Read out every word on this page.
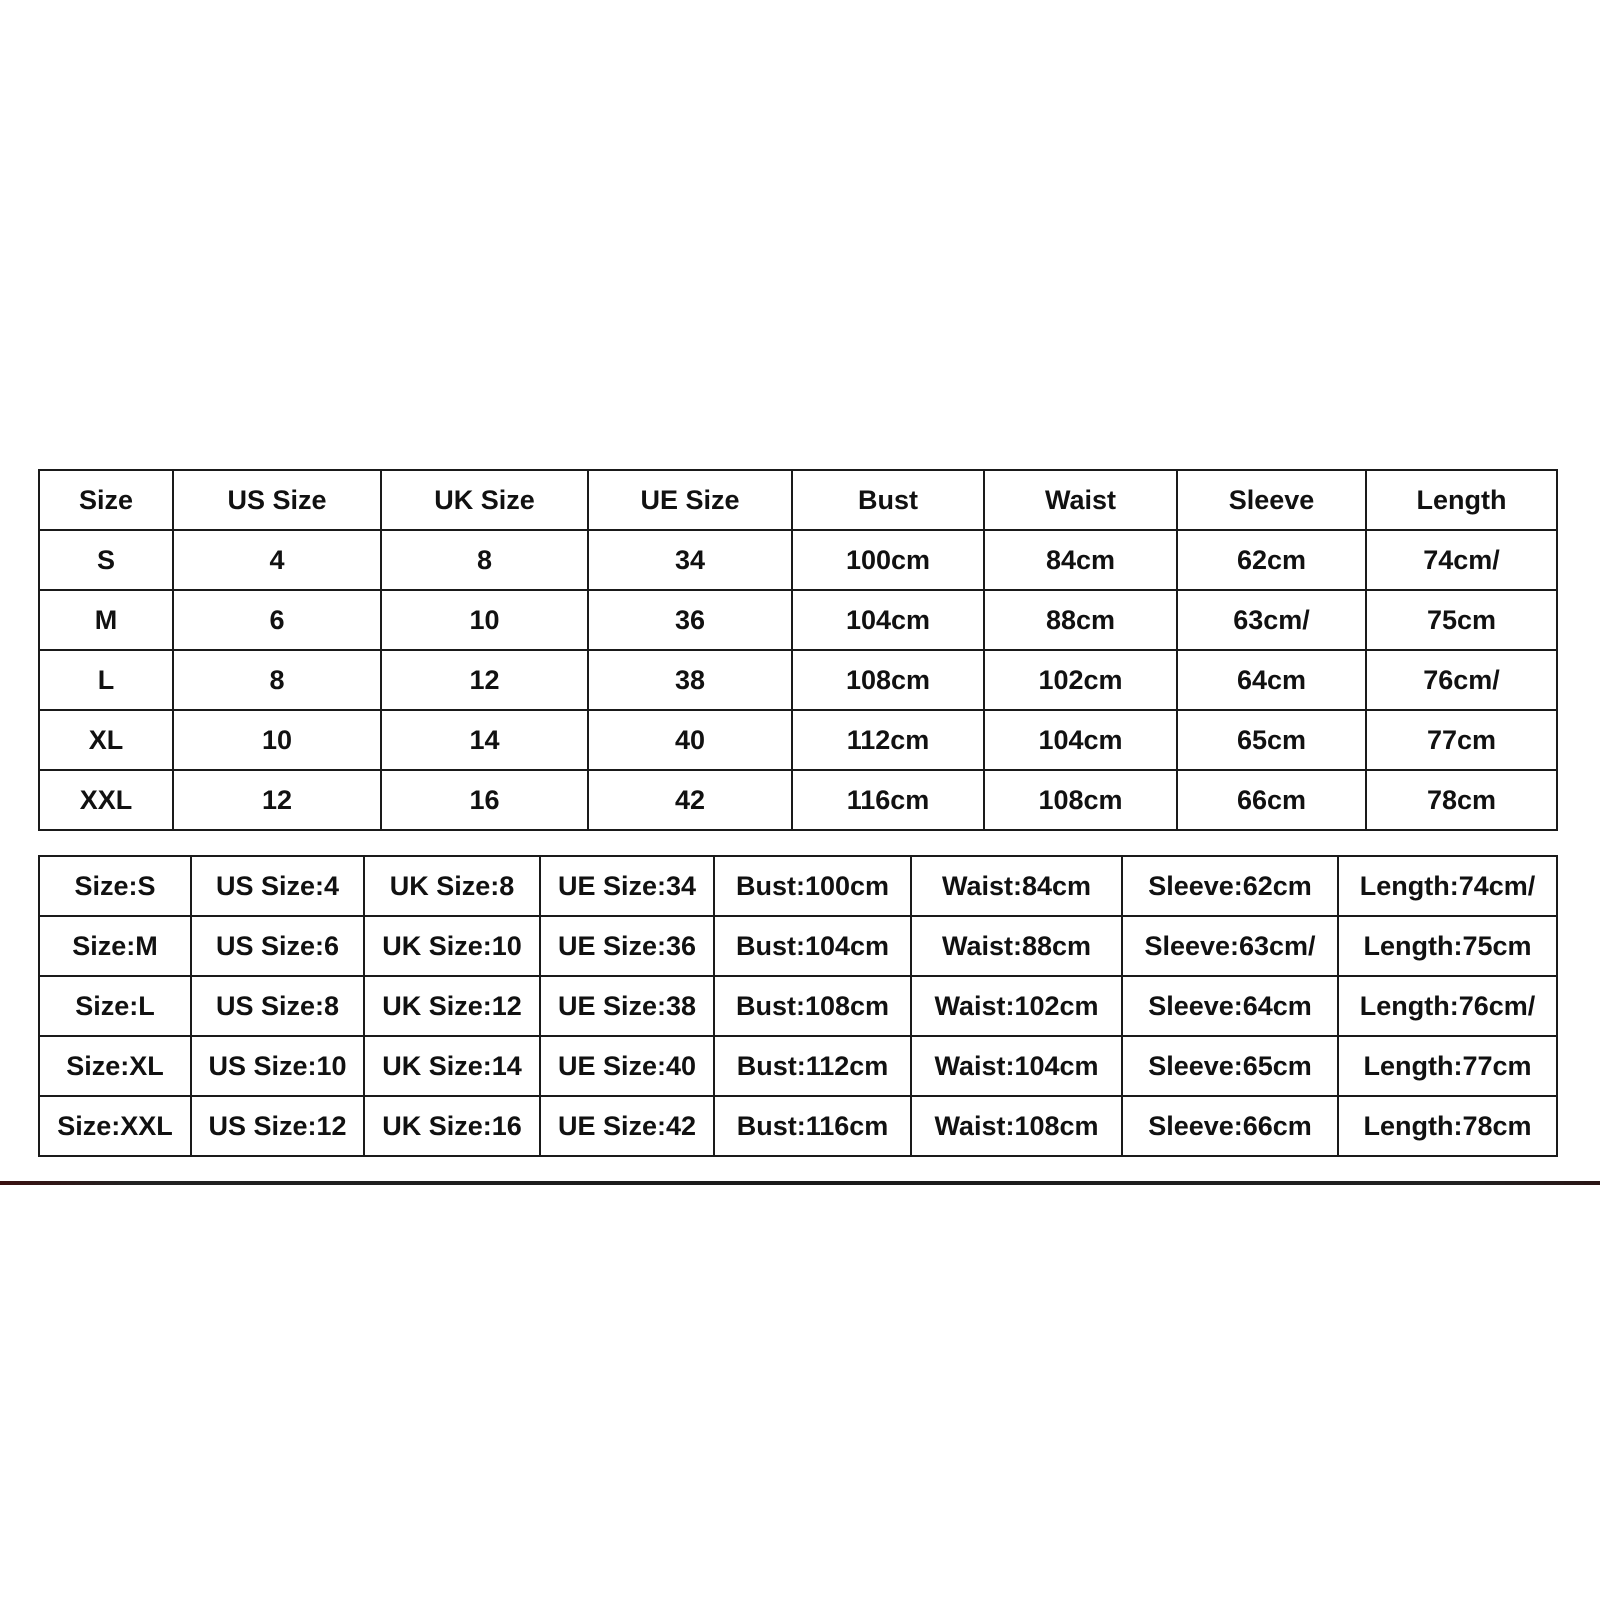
Size	US Size	UK Size	UE Size	Bust	Waist	Sleeve	Length
S	4	8	34	100cm	84cm	62cm	74cm/
M	6	10	36	104cm	88cm	63cm/	75cm
L	8	12	38	108cm	102cm	64cm	76cm/
XL	10	14	40	112cm	104cm	65cm	77cm
XXL	12	16	42	116cm	108cm	66cm	78cm
Size:S	US Size:4	UK Size:8	UE Size:34	Bust:100cm	Waist:84cm	Sleeve:62cm	Length:74cm/
Size:M	US Size:6	UK Size:10	UE Size:36	Bust:104cm	Waist:88cm	Sleeve:63cm/	Length:75cm
Size:L	US Size:8	UK Size:12	UE Size:38	Bust:108cm	Waist:102cm	Sleeve:64cm	Length:76cm/
Size:XL	US Size:10	UK Size:14	UE Size:40	Bust:112cm	Waist:104cm	Sleeve:65cm	Length:77cm
Size:XXL	US Size:12	UK Size:16	UE Size:42	Bust:116cm	Waist:108cm	Sleeve:66cm	Length:78cm
